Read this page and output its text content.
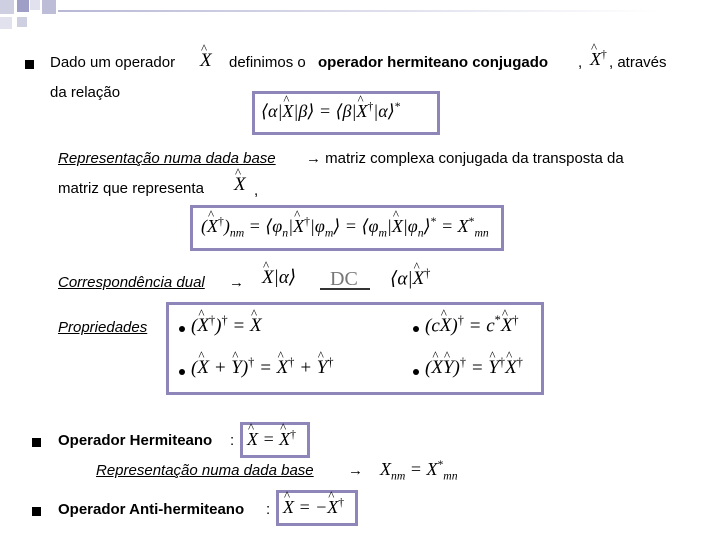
Dado um operador ^ X definimos o operador hermiteano conjugado , ^ X† , através
da relação
⟨α|^ X|β⟩ = ⟨β|^ X†|α⟩*
Representação numa dada base → matriz complexa conjugada da transposta da
matriz que representa ^ X ,
(^ $X^\dagger)_{nm}$ = $⟨\varphi_n|\^{}$ $X^\dagger|\varphi_m⟩$ = $⟨\varphi_m|\^{}$ $X|\varphi_n⟩^* = X^*_{mn}$
Correspondência dual → ^ X|α⟩ DC ⟨α|^ X†
Propriedades (^ X†)† = ^ X	(c^ X)† = c*^ X†
(^ X + ^ Y)† = ^ X† + ^ Y†	(^ X^ Y)† = ^ Y†^ X†
Operador Hermiteano : ^ X = ^ X†
Representação numa dada base → $X_{nm} = X^*_{mn}$
Operador Anti-hermiteano : ^ X = −^ X†
